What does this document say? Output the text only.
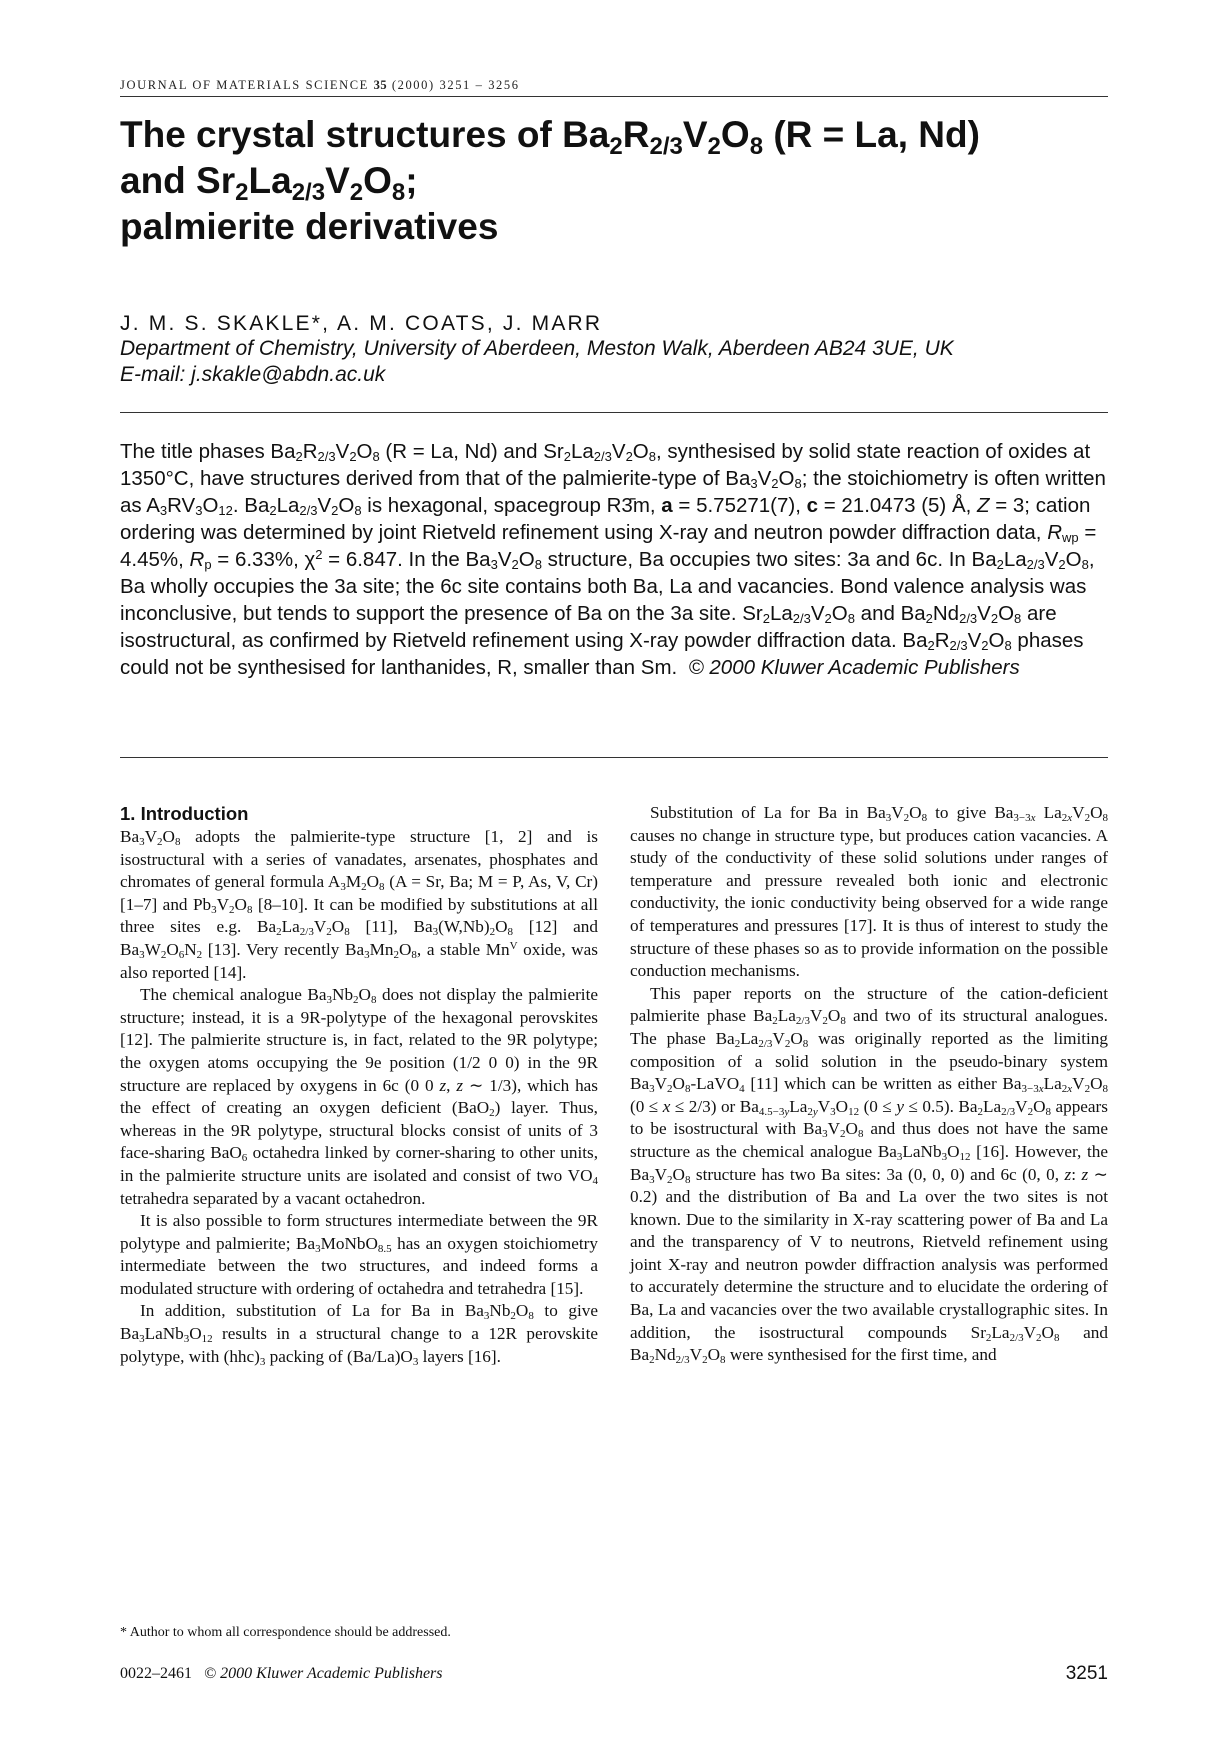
JOURNAL OF MATERIALS SCIENCE 35 (2000) 3251 – 3256
The crystal structures of $Ba_2R_{2/3}V_2O_8$ (R = La, Nd)
and $Sr_2La_{2/3}V_2O_8$;
palmierite derivatives
J. M. S. SKAKLE*, A. M. COATS, J. MARR
Department of Chemistry, University of Aberdeen, Meston Walk, Aberdeen AB24 3UE, UK
E-mail: j.skakle@abdn.ac.uk
The title phases $Ba_2R_{2/3}V_2O_8$ (R = La, Nd) and $Sr_2La_{2/3}V_2O_8$, synthesised by solid state reaction of oxides at 1350°C, have structures derived from that of the palmierite-type of $Ba_3V_2O_8$; the stoichiometry is often written as $A_3RV_3O_{12}$. $Ba_2La_{2/3}V_2O_8$ is hexagonal, spacegroup R3̄m, a = 5.75271(7), c = 21.0473 (5) Å, Z = 3; cation ordering was determined by joint Rietveld refinement using X-ray and neutron powder diffraction data, $R_{wp} = 4.45\%$, $R_p = 6.33\%$, $\chi^2 = 6.847$. In the $Ba_3V_2O_8$ structure, Ba occupies two sites: 3a and 6c. In $Ba_2La_{2/3}V_2O_8$, Ba wholly occupies the 3a site; the 6c site contains both Ba, La and vacancies. Bond valence analysis was inconclusive, but tends to support the presence of Ba on the 3a site. $Sr_2La_{2/3}V_2O_8$ and $Ba_2Nd_{2/3}V_2O_8$ are isostructural, as confirmed by Rietveld refinement using X-ray powder diffraction data. $Ba_2R_{2/3}V_2O_8$ phases could not be synthesised for lanthanides, R, smaller than Sm.  © 2000 Kluwer Academic Publishers
1. Introduction

$Ba_3V_2O_8$ adopts the palmierite-type structure [1, 2] and is isostructural with a series of vanadates, arsenates, phosphates and chromates of general formula $A_3M_2O_8$ (A = Sr, Ba; M = P, As, V, Cr) [1–7] and $Pb_3V_2O_8$ [8–10]. It can be modified by substitutions at all three sites e.g. $Ba_2La_{2/3}V_2O_8$ [11], $Ba_3(W,Nb)_2O_8$ [12] and $Ba_3W_2O_6N_2$ [13]. Very recently $Ba_3Mn_2O_8$, a stable $Mn^V$ oxide, was also reported [14].

The chemical analogue $Ba_3Nb_2O_8$ does not display the palmierite structure; instead, it is a 9R-polytype of the hexagonal perovskites [12]. The palmierite structure is, in fact, related to the 9R polytype; the oxygen atoms occupying the 9e position (1/2 0 0) in the 9R structure are replaced by oxygens in 6c (0 0 z, z ∼ 1/3), which has the effect of creating an oxygen deficient (BaO$_2$) layer. Thus, whereas in the 9R polytype, structural blocks consist of units of 3 face-sharing BaO$_6$ octahedra linked by corner-sharing to other units, in the palmierite structure units are isolated and consist of two $VO_4$ tetrahedra separated by a vacant octahedron.

It is also possible to form structures intermediate between the 9R polytype and palmierite; $Ba_3MoNbO_{8.5}$ has an oxygen stoichiometry intermediate between the two structures, and indeed forms a modulated structure with ordering of octahedra and tetrahedra [15].

In addition, substitution of La for Ba in $Ba_3Nb_2O_8$ to give $Ba_3LaNb_3O_{12}$ results in a structural change to a 12R perovskite polytype, with $(hhc)_3$ packing of $(Ba/La)O_3$ layers [16].

Substitution of La for Ba in $Ba_3V_2O_8$ to give $Ba_{3-3x}$ $La_{2x}V_2O_8$ causes no change in structure type, but produces cation vacancies. A study of the conductivity of these solid solutions under ranges of temperature and pressure revealed both ionic and electronic conductivity, the ionic conductivity being observed for a wide range of temperatures and pressures [17]. It is thus of interest to study the structure of these phases so as to provide information on the possible conduction mechanisms.

This paper reports on the structure of the cation-deficient palmierite phase $Ba_2La_{2/3}V_2O_8$ and two of its structural analogues. The phase $Ba_2La_{2/3}V_2O_8$ was originally reported as the limiting composition of a solid solution in the pseudo-binary system $Ba_3V_2O_8-LaVO_4$ [11] which can be written as either $Ba_{3-3x}La_{2x}V_2O_8$ (0 ≤ x ≤ 2/3) or $Ba_{4.5-3y}La_{2y}V_3O_{12}$ (0 ≤ y ≤ 0.5). $Ba_2La_{2/3}V_2O_8$ appears to be isostructural with $Ba_3V_2O_8$ and thus does not have the same structure as the chemical analogue $Ba_3LaNb_3O_{12}$ [16]. However, the $Ba_3V_2O_8$ structure has two Ba sites: 3a (0, 0, 0) and 6c (0, 0, z: z ∼ 0.2) and the distribution of Ba and La over the two sites is not known. Due to the similarity in X-ray scattering power of Ba and La and the transparency of V to neutrons, Rietveld refinement using joint X-ray and neutron powder diffraction analysis was performed to accurately determine the structure and to elucidate the ordering of Ba, La and vacancies over the two available crystallographic sites. In addition, the isostructural compounds $Sr_2La_{2/3}V_2O_8$ and $Ba_2Nd_{2/3}V_2O_8$ were synthesised for the first time, and

* Author to whom all correspondence should be addressed.
0022–2461 © 2000 Kluwer Academic Publishers	3251
